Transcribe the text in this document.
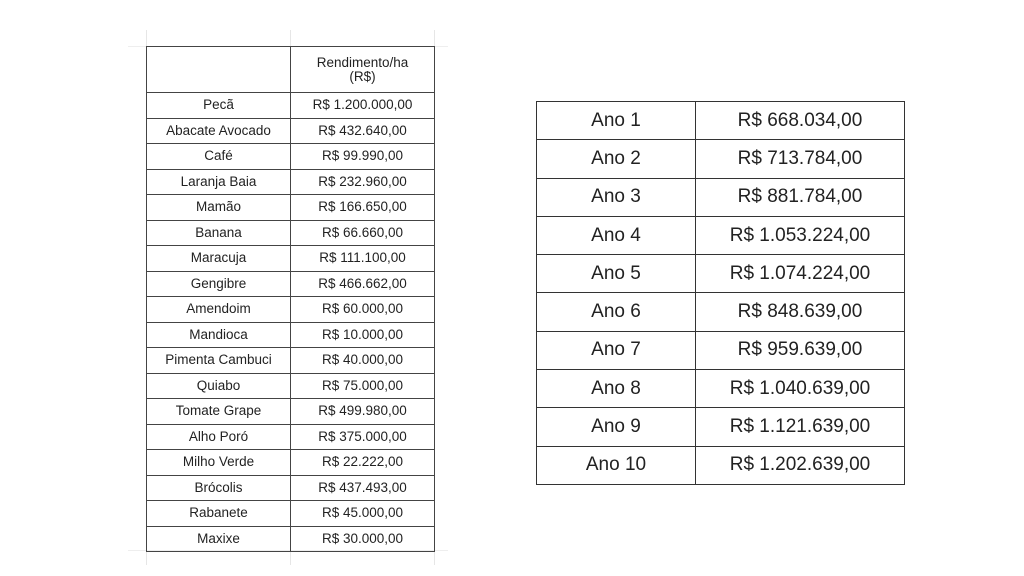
	Rendimento/ha
(R$)

Pecã	R$ 1.200.000,00
Abacate Avocado	R$ 432.640,00
Café	R$ 99.990,00
Laranja Baia	R$ 232.960,00
Mamão	R$ 166.650,00
Banana	R$ 66.660,00
Maracuja	R$ 111.100,00
Gengibre	R$ 466.662,00
Amendoim	R$ 60.000,00
Mandioca	R$ 10.000,00
Pimenta Cambuci	R$ 40.000,00
Quiabo	R$ 75.000,00
Tomate Grape	R$ 499.980,00
Alho Poró	R$ 375.000,00
Milho Verde	R$ 22.222,00
Brócolis	R$ 437.493,00
Rabanete	R$ 45.000,00
Maxixe	R$ 30.000,00
Ano 1	R$ 668.034,00
Ano 2	R$ 713.784,00
Ano 3	R$ 881.784,00
Ano 4	R$ 1.053.224,00
Ano 5	R$ 1.074.224,00
Ano 6	R$ 848.639,00
Ano 7	R$ 959.639,00
Ano 8	R$ 1.040.639,00
Ano 9	R$ 1.121.639,00
Ano 10	R$ 1.202.639,00
